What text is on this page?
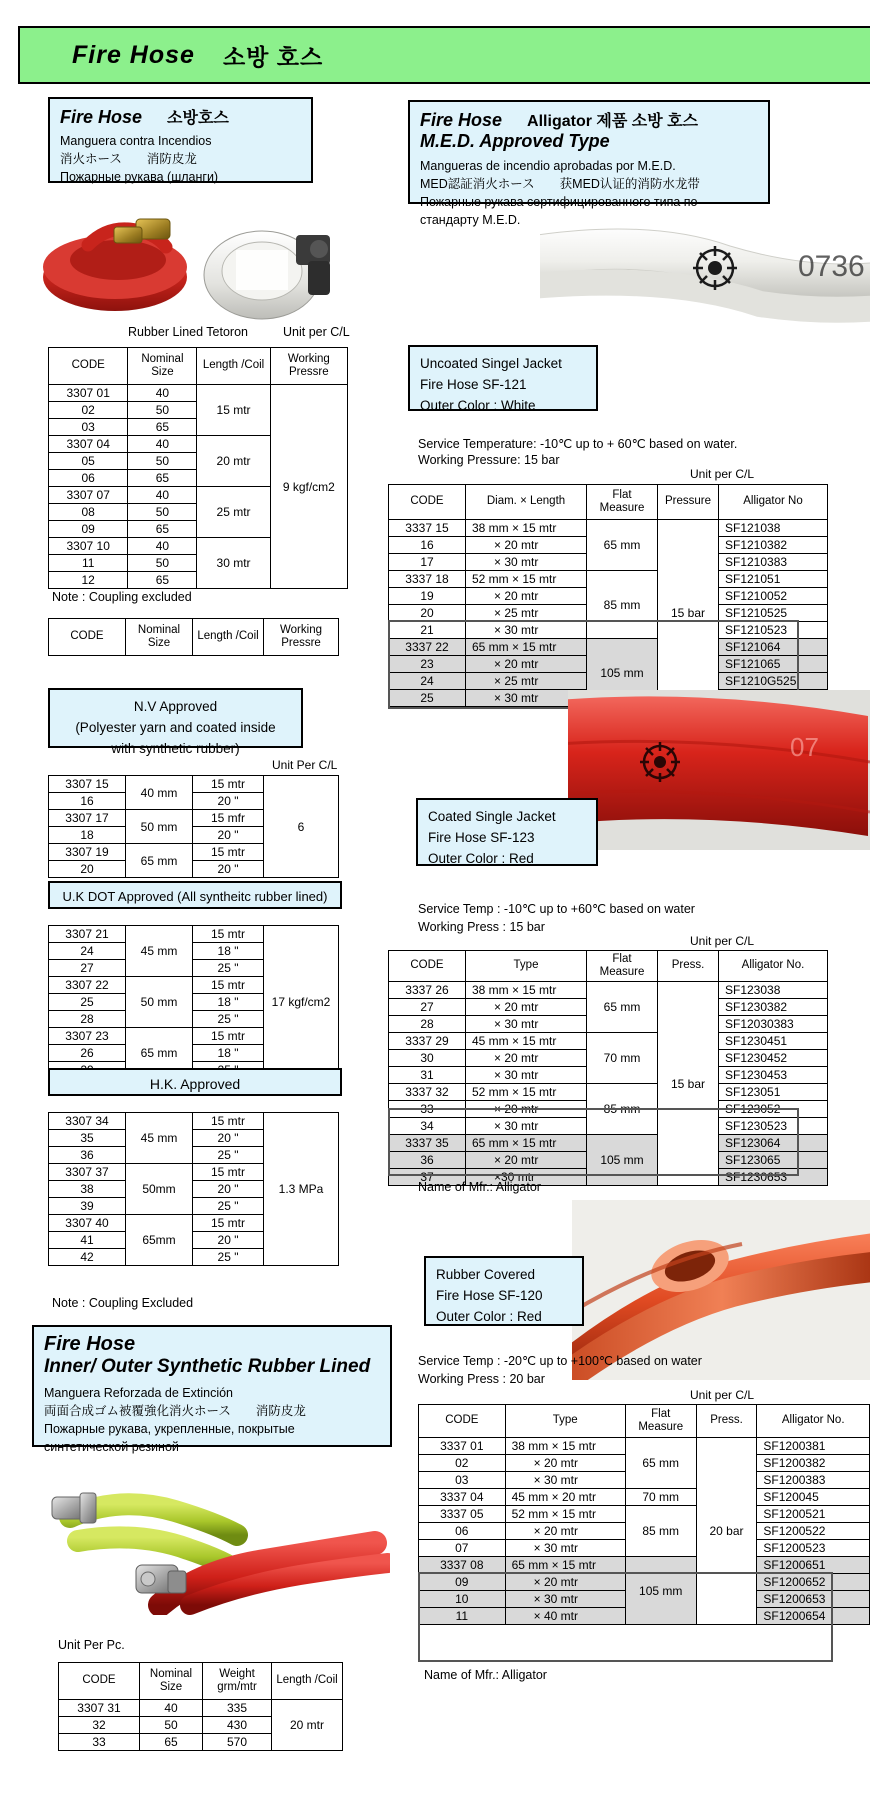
Fire Hose 소방 호스
Fire Hose 소방호스
Manguera contra Incendios
消火ホース　　消防皮龙
Пожарные рукава (шланги)
Rubber Lined Tetoron	Unit per C/L
CODE	Nominal Size	Length /Coil	Working Pressre
3307 01	40	15 mtr	9 kgf/cm2
02	50		
03	65		
3307 04	40	20 mtr	
05	50		
06	65		
3307 07	40	25 mtr	
08	50		
09	65		
3307 10	40	30 mtr	
11	50		
12	65		
Note : Coupling excluded
CODE	Nominal Size	Length /Coil	Working Pressre
N.V Approved
(Polyester yarn and coated inside
with synthetic rubber)
Unit Per C/L
3307 15	40 mm	15 mtr	6
16		20 "	
3307 17	50 mm	15 mfr	
18		20 "	
3307 19	65 mm	15 mtr	
20		20 "	
U.K DOT Approved (All syntheitc rubber lined)
3307 21	45 mm	15 mtr	17 kgf/cm2
24		18 "	
27		25 "	
3307 22	50 mm	15 mtr	
25		18 "	
28		25 "	
3307 23	65 mm	15 mtr	
26		18 "	

H.K. Approved
3307 34	45 mm	15 mtr	1.3 MPa
35		20 "	
36		25 "	
3307 37	50mm	15 mtr	
38		20 "	
39		25 "	
3307 40	65mm	15 mtr	
41		20 "	
42		25 "	
Note : Coupling Excluded
Fire Hose
Inner/ Outer Synthetic Rubber Lined
Manguera Reforzada de Extinción
両面合成ゴム被覆強化消火ホース　　消防皮龙
Пожарные рукава, укрепленные, покрытые
синтетической резиной
Unit Per Pc.
CODE	Nominal Size	Weight grm/mtr	Length /Coil
3307 31	40	335	20 mtr
32	50	430	
33	65	570	
Fire Hose Alligator 제품 소방 호스
M.E.D. Approved Type
Mangueras de incendio aprobadas por M.E.D.
MED認証消火ホース　　获MED认证的消防水龙带
Пожарные рукава сертифицированного типа по
стандарту M.E.D.
0736
Uncoated Singel Jacket
Fire Hose SF-121
Outer Color : White
Service Temperature: -10℃ up to + 60℃ based on water.
Working Pressure: 15 bar
Unit per C/L
CODE	Diam. × Length	Flat Measure	Pressure	Alligator No
3337 15	38 mm × 15 mtr	65 mm	15 bar	SF121038
16	× 20 mtr			SF1210382
17	× 30 mtr			SF1210383
3337 18	52 mm × 15 mtr	85 mm		SF121051
19	× 20 mtr			SF1210052
20	× 25 mtr			SF1210525
21	× 30 mtr			SF1210523
3337 22	65 mm × 15 mtr	105 mm		SF121064
23	× 20 mtr			SF121065
24	× 25 mtr			SF1210G525
25	× 30 mtr	
07
Coated Single Jacket
Fire Hose SF-123
Outer Color : Red
Service Temp : -10℃ up to +60℃ based on water
Working Press : 15 bar
Unit per C/L
CODE	Type	Flat Measure	Press.	Alligator No.
3337 26	38 mm × 15 mtr	65 mm	15 bar	SF123038
27	× 20 mtr			SF1230382
28	× 30 mtr			SF12030383
3337 29	45 mm × 15 mtr	70 mm		SF1230451
30	× 20 mtr			SF1230452
31	× 30 mtr			SF1230453
3337 32	52 mm × 15 mtr	85 mm		SF123051
33	× 20 mtr			SF123052
34	× 30 mtr			SF1230523
3337 35	65 mm × 15 mtr	105 mm		SF123064
36	× 20 mtr			SF123065
37	×30 mtr			SF1230653
Name of Mfr.: Alligator
Rubber Covered
Fire Hose SF-120
Outer Color : Red
Service Temp : -20℃ up to +100℃ based on water
Working Press : 20 bar
Unit per C/L
CODE	Type	Flat Measure	Press.	Alligator No.
3337 01	38 mm × 15 mtr	65 mm	20 bar	SF1200381
02	× 20 mtr			SF1200382
03	× 30 mtr			SF1200383
3337 04	45 mm × 20 mtr	70 mm		SF120045
3337 05	52 mm × 15 mtr	85 mm		SF1200521
06	× 20 mtr			SF1200522
07	× 30 mtr			SF1200523
3337 08	65 mm × 15 mtr	105 mm		SF1200651
09	× 20 mtr			SF1200652
10	× 30 mtr			SF1200653
11	× 40 mtr			SF1200654
Name of Mfr.: Alligator
